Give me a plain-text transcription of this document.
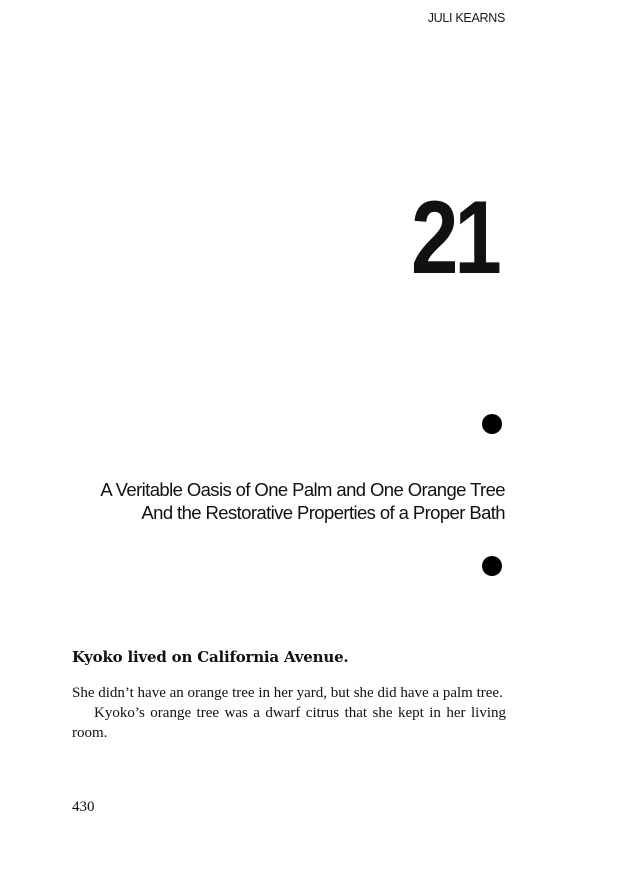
JULI KEARNS
21
A Veritable Oasis of One Palm and One Orange Tree
And the Restorative Properties of a Proper Bath
Kyoko lived on California Avenue.

She didn’t have an orange tree in her yard, but she did have a palm tree.

Kyoko’s orange tree was a dwarf citrus that she kept in her living room.

430
